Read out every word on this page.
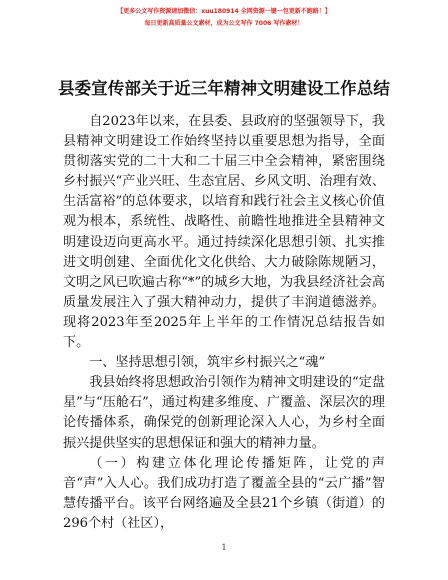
【更多公文写作资源请加微信：xuu180914 全网资源一键一包更新不跑路！】
每日更新高质量公文素材，成为公文写作 7006 写作素材！
县委宣传部关于近三年精神文明建设工作总结

自2023年以来，在县委、县政府的坚强领导下，我县精神文明建设工作始终坚持以重要思想为指导，全面贯彻落实党的二十大和二十届三中全会精神，紧密围绕乡村振兴“产业兴旺、生态宜居、乡风文明、治理有效、生活富裕”的总体要求，以培育和践行社会主义核心价值观为根本，系统性、战略性、前瞻性地推进全县精神文明建设迈向更高水平。通过持续深化思想引领、扎实推进文明创建、全面优化文化供给、大力破除陈规陋习，文明之风已吹遍古称“*”的城乡大地，为我县经济社会高质量发展注入了强大精神动力，提供了丰润道德滋养。现将2023年至2025年上半年的工作情况总结报告如下。

一、坚持思想引领，筑牢乡村振兴之“魂”

我县始终将思想政治引领作为精神文明建设的“定盘星”与“压舱石”，通过构建多维度、广覆盖、深层次的理论传播体系，确保党的创新理论深入人心，为乡村全面振兴提供坚实的思想保证和强大的精神力量。

（一）构建立体化理论传播矩阵，让党的声音“声”入人心。我们成功打造了覆盖全县的“云广播”智慧传播平台。该平台网络遍及全县21个乡镇（街道）的296个村（社区），

1
